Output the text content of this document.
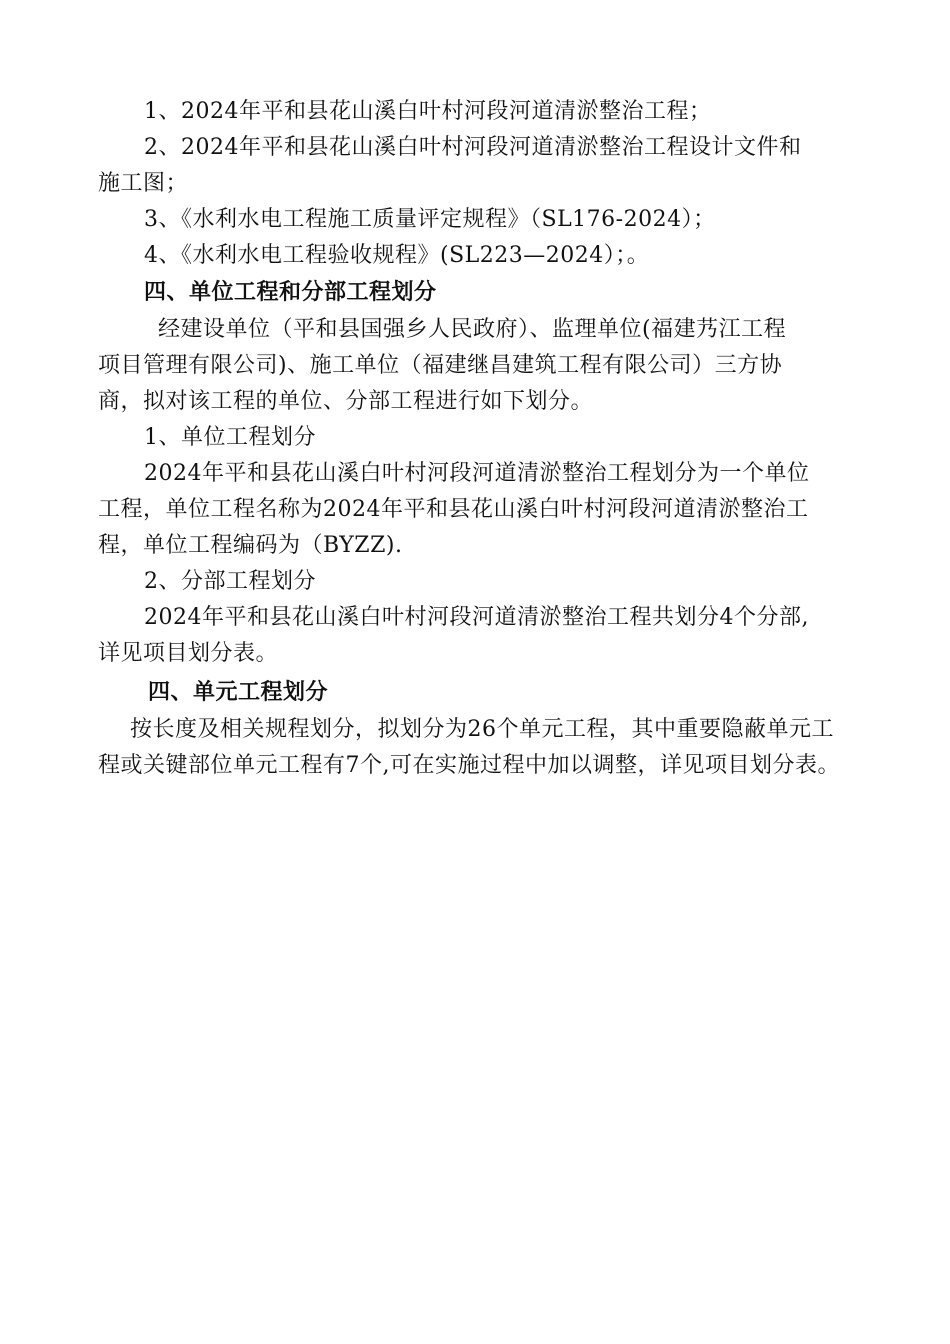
1、2024年平和县花山溪白叶村河段河道清淤整治工程；

2、2024年平和县花山溪白叶村河段河道清淤整治工程设计文件和

施工图；

3、《水利水电工程施工质量评定规程》（SL176-2024）；

4、《水利水电工程验收规程》(SL223—2024）；。

四、单位工程和分部工程划分

经建设单位（平和县国强乡人民政府）、监理单位(福建艿江工程

项目管理有限公司)、施工单位（福建继昌建筑工程有限公司）三方协

商，拟对该工程的单位、分部工程进行如下划分。

1、单位工程划分

2024年平和县花山溪白叶村河段河道清淤整治工程划分为一个单位

工程，单位工程名称为2024年平和县花山溪白叶村河段河道清淤整治工

程，单位工程编码为（BYZZ).

2、分部工程划分

2024年平和县花山溪白叶村河段河道清淤整治工程共划分4个分部,

详见项目划分表。

四、单元工程划分

按长度及相关规程划分，拟划分为26个单元工程，其中重要隐蔽单元工

程或关键部位单元工程有7个,可在实施过程中加以调整，详见项目划分表。
